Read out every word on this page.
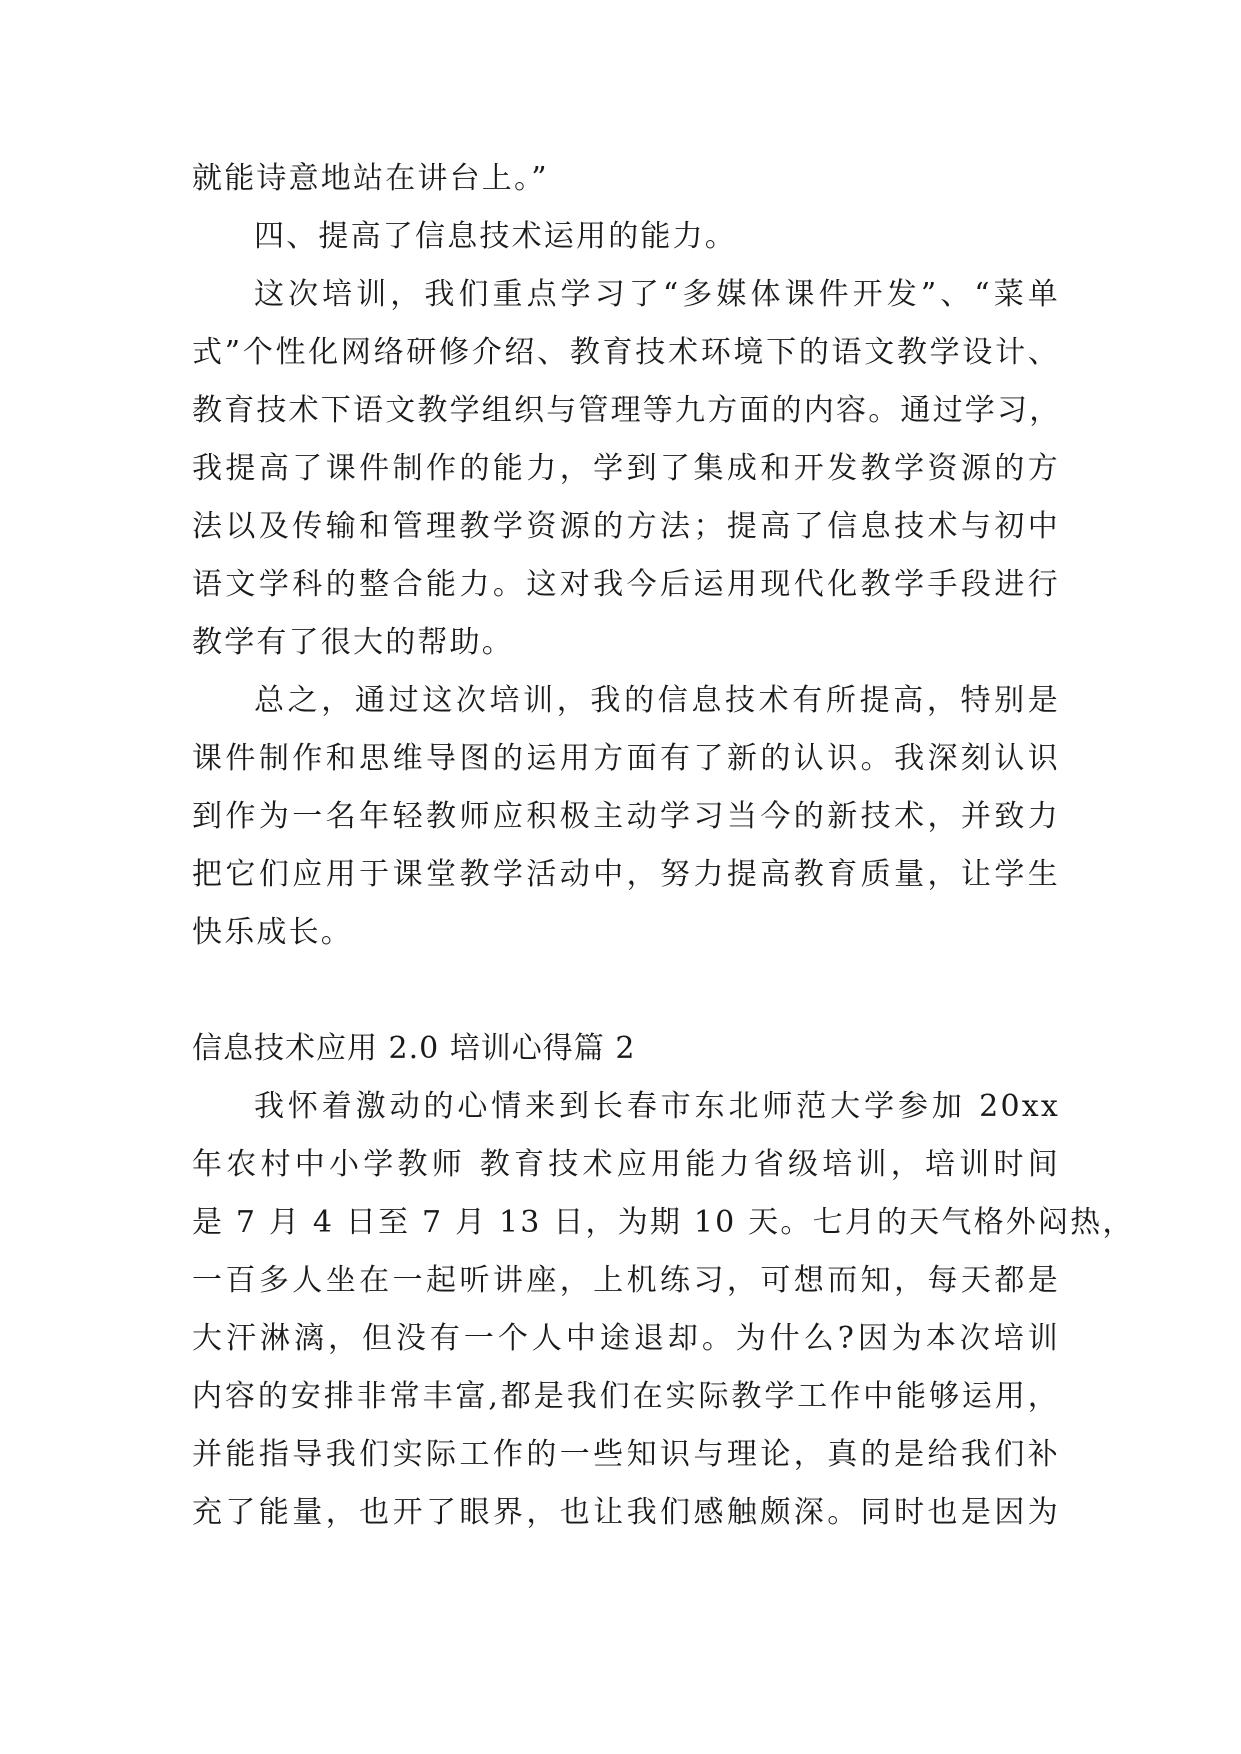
就能诗意地站在讲台上。”
四、提高了信息技术运用的能力。
这次培训，我们重点学习了“多媒体课件开发”、“菜单
式”个性化网络研修介绍、教育技术环境下的语文教学设计、
教育技术下语文教学组织与管理等九方面的内容。通过学习，
我提高了课件制作的能力，学到了集成和开发教学资源的方
法以及传输和管理教学资源的方法；提高了信息技术与初中
语文学科的整合能力。这对我今后运用现代化教学手段进行
教学有了很大的帮助。
总之，通过这次培训，我的信息技术有所提高，特别是
课件制作和思维导图的运用方面有了新的认识。我深刻认识
到作为一名年轻教师应积极主动学习当今的新技术，并致力
把它们应用于课堂教学活动中，努力提高教育质量，让学生
快乐成长。
信息技术应用 2.0 培训心得篇 2
我怀着激动的心情来到长春市东北师范大学参加 20xx
年农村中小学教师 教育技术应用能力省级培训，培训时间
是 7 月 4 日至 7 月 13 日，为期 10 天。七月的天气格外闷热，
一百多人坐在一起听讲座，上机练习，可想而知，每天都是
大汗淋漓，但没有一个人中途退却。为什么?因为本次培训
内容的安排非常丰富,都是我们在实际教学工作中能够运用，
并能指导我们实际工作的一些知识与理论，真的是给我们补
充了能量，也开了眼界，也让我们感触颇深。同时也是因为
